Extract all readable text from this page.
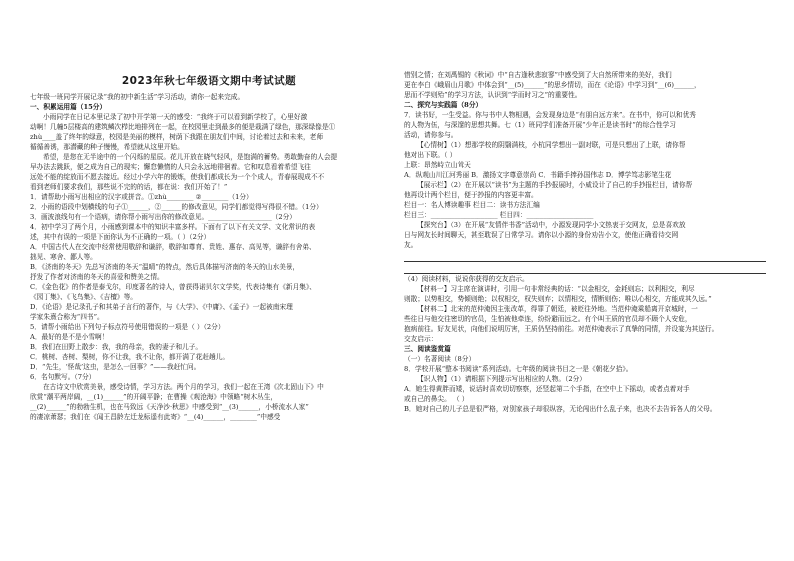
2023年秋七年级语文期中考试试题
七年级一班同学开展记录“我的初中新生活”学习活动，请你一起来完成。
一、积累运用篇（15分）
小雨同学在日记本里记录了初中开学第一天的感受：“我终于可以看到新学校了，心里好激
动啊！几幢5层楼高的建筑鳞次栉比地排列在一起，在校园里走到最多的便是栽满了绿色，那深绿像是①
zhù____盖了终年的绿意，校园是美丽的模样，树荫下我跟在朋友们中间，讨论着过去和未来，老师
循循善诱，那潜藏的种子慢慢，希望就从这里开始。
希望，是您在无半途中的一个闪烁的星辰。花儿开放在晓气轻风，是饱满的蓄势。勇敢勤奋的人会提
早办法去跳跃，便之成为自己的现实；懈怠懒惰的人只会永远地徘徊着。它和叹息看着希望飞往
远处不能的绽放而不愿去接近。经过小学六年的锻炼，使我们都成长为一个个成人，青春展现成不不
看到老师们要求我们，那些说不完的的话，都在说：我们开始了！”
1．请帮助小雨写出相应的汉字或拼音。①zhù________ ②________（1分）
2．小雨的语段中划横线的句子①______，②______的修改意见，同学们都觉得写得很不错。（1分）
3．画波浪线句有一个语病，请你帮小雨写出你的修改意见。___________________（2分）
4．初中学习了两个月，小雨感到课本中的知识丰富多样。下面有了以下有关文学、文化常识的表
述，其中有误的一项是下面你认为不正确的一项。（ ）（2分）
A．中国古代人在交流中经常使用敬辞和谦辞，敬辞如尊育、贵姓、惠存、高见等，谦辞有舍弟、
拙见、寒舍、鄙人等。
B．《济南的冬天》先总写济南的冬天“温晴”的特点，然后具体描写济南的冬天的山水美景，
抒发了作者对济南的冬天的喜爱和赞美之情。
C．《金色花》的作者是泰戈尔，印度著名的诗人，曾获得诺贝尔文学奖，代表诗集有《新月集》、
《园丁集》、《飞鸟集》、《吉檀》等。
D．《论语》是记录孔子和其弟子言行的著作，与《大学》、《中庸》、《孟子》一起被南宋理
学家朱熹合称为“四书”。
5．请帮小雨给出下列句子标点符号使用错误的一项是（ ）（2分）
A．最好的是不是小雪啊！
B．我们在田野上散步：我，我的母亲，我的妻子和儿子。
C．桃树、杏树、梨树，你不让我，我不让你，都开满了花赶趟儿。
D．“先生，‘怪哉’这虫，是怎么一回事？”——我赶忙问。
6．名句默写。（7分）
在古诗文中欣赏美景，感受诗情，学习方法。两个月的学习，我们一起在王湾《次北固山下》中
欣赏“潮平两岸阔，__(1)______”的开阔平静；在曹操《观沧海》中领略“树木丛生，
__(2)______”的勃勃生机，也在马致远《天净沙·秋思》中感受到“__(3)______，小桥流水人家”
的凄凉萧瑟；我们在《闻王昌龄左迁龙标遥有此寄》“__(4)______，________”中感受
惜别之情；在刘禹锡的《秋词》中“自古逢秋悲寂寥”中感受到了大自然所带来的美好，我们
更在李白《峨眉山月歌》中体会到“__(5)______”的思乡情切，而在《论语》中学习到“__(6)______，
思而不学则殆”的学习方法，认识到“学而时习之”的重要性。
二、探究与实践篇（8分）
7．读书好，一生受益。你与书中人物相遇，会发现身边是“有朋自远方来”。在书中，你可以和优秀
的人物为伍，与深邃的思想共舞。七（1）班同学们准备开展“少年正是读书时”的综合性学习
活动，请你参与。
【心情树】（1）想那学校的阴翳满枝，小杭同学想出一副对联，可是只想出了上联，请你帮
他对出下联。（ ）
上联：昂然峙立山耸天
A．纵观山川江河秀丽 B．激扬文字尊意崇尚 C．书籍手捧孙国伟志 D．博学笃志影笔生花
【展示栏】（2）在开展以“读书”为主题的手抄报展时，小威设计了自己的手抄报栏目，请你帮
他再设计两个栏目，便于抄报的内容更丰富。
栏目一：名人博读趣事 栏目二：读书方法汇编
栏目三：____________________ 栏目四：____________________
【探究台】（3）在开展“友情伴书香”活动中，小源发现同学小文热衷于交网友，总是喜欢放
日与网友长时间聊天，甚至耽误了日常学习。请你以小源的身份劝告小文，使他正确看待交网
友。
（4）阅读材料，说说你获得的交友启示。
【材料一】习主席在演讲时，引用一句非常经典的话：“以金相交，金耗则忘；以利相交，利尽
则散；以势相交，势倾则绝；以权相交，权失则弃；以情相交，情断则伤；唯以心相交，方能成其久远。”
【材料二】北宋的范仲淹因主张改革，得罪了朝廷，被贬往外地。当范仲淹乘船离开京城时，一
些往日与他交往密切的官员，生怕被他牵连，纷纷避而远之。有个叫王质的官员却不顾个人安危，
抱病前往。好友见状，向他们说明厉害，王质仍坚持前往。对范仲淹表示了真挚的同情，并设宴为其送行。
交友启示：
三、阅读鉴赏篇
（一）名著阅读（8分）
8．学校开展“整本书阅读”系列活动。七年级的阅读书目之一是《朝花夕拾》。
【识人物】（1）请根据下列提示写出相应的人物。（2分）
A．她生得黄胖而矮，说话时喜欢切切察察，还竖起第二个手指，在空中上下摇动，或者点着对手
或自己的鼻尖。 （ ）
B．她对自己的儿子总是很严格，对别家孩子却很纵容，无论闯出什么乱子来，也决不去告诉各人的父母。
